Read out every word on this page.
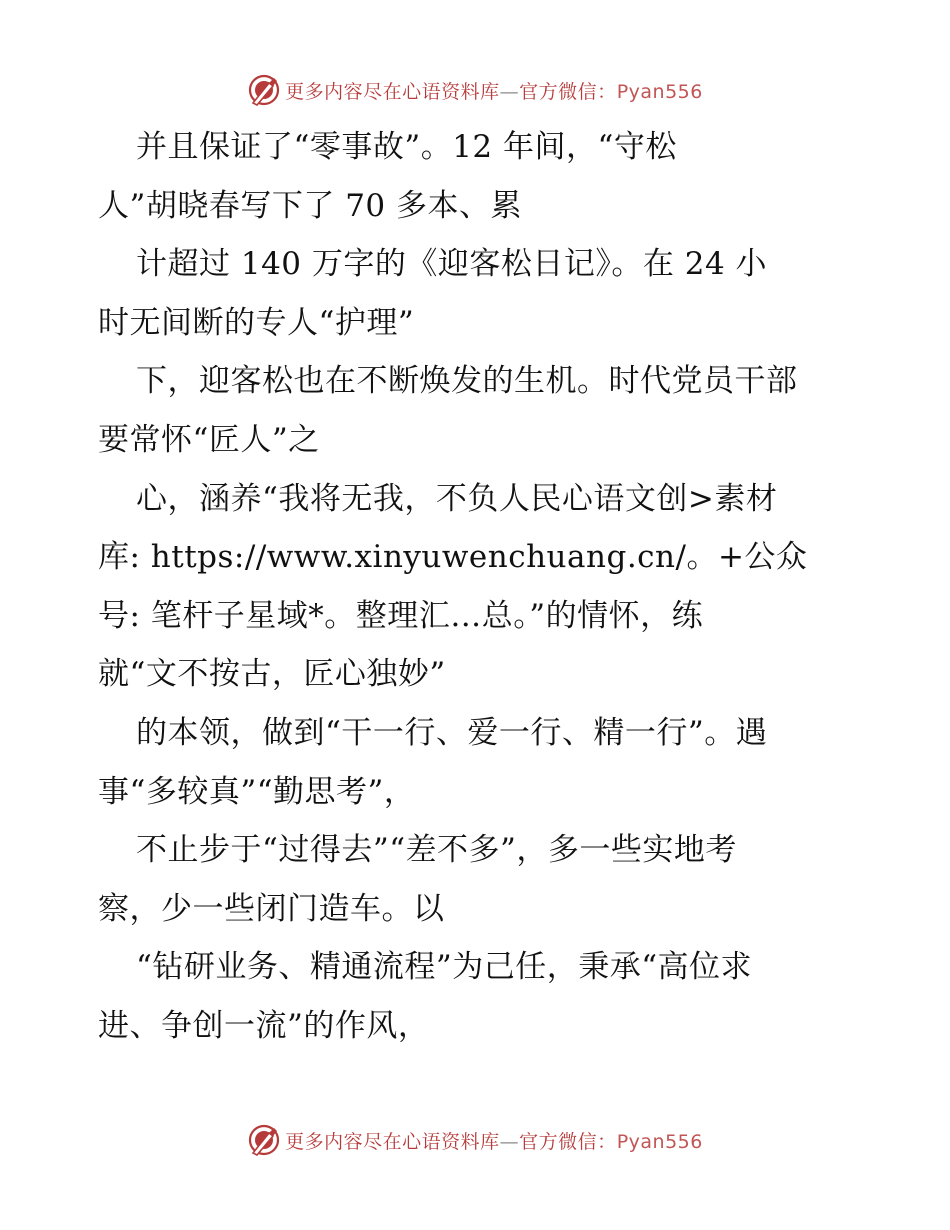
更多内容尽在心语资料库—官方微信：Pyan556
并且保证了“零事故”。12 年间，“守松
人”胡晓春写下了 70 多本、累
计超过 140 万字的《迎客松日记》。在 24 小
时无间断的专人“护理”
下，迎客松也在不断焕发的生机。时代党员干部
要常怀“匠人”之
心，涵养“我将无我，不负人民心语文创>素材
库: https://www.xinyuwenchuang.cn/。+公众
号: 笔杆子星域*。整理汇…总。”的情怀，练
就“文不按古，匠心独妙”
的本领，做到“干一行、爱一行、精一行”。遇
事“多较真”“勤思考”，
不止步于“过得去”“差不多”，多一些实地考
察，少一些闭门造车。以
“钻研业务、精通流程”为己任，秉承“高位求
进、争创一流”的作风，
更多内容尽在心语资料库—官方微信：Pyan556
